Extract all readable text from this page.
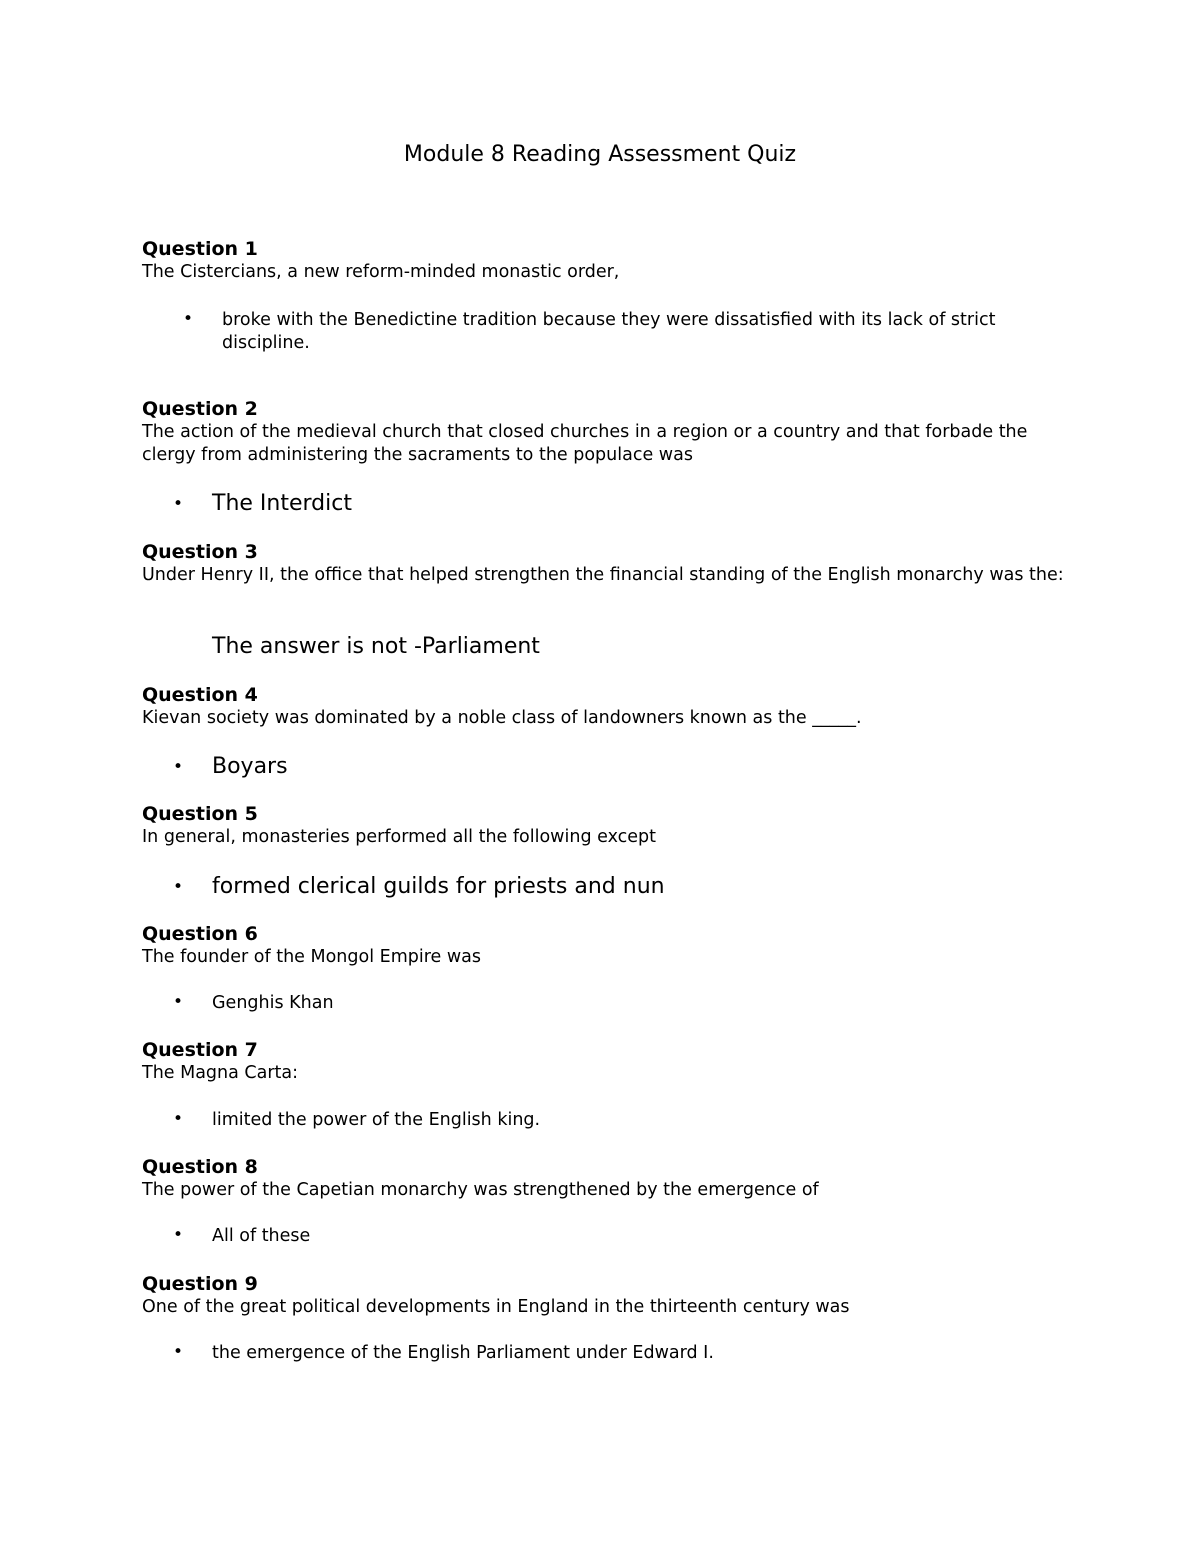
Module 8 Reading Assessment Quiz

Question 1

The Cistercians, a new reform-minded monastic order,

• broke with the Benedictine tradition because they were dissatisfied with its lack of strict discipline.

Question 2

The action of the medieval church that closed churches in a region or a country and that forbade the clergy from administering the sacraments to the populace was

• The Interdict

Question 3

Under Henry II, the office that helped strengthen the financial standing of the English monarchy was the:

The answer is not -Parliament

Question 4

Kievan society was dominated by a noble class of landowners known as the _____.

• Boyars

Question 5

In general, monasteries performed all the following except

• formed clerical guilds for priests and nun

Question 6

The founder of the Mongol Empire was

• Genghis Khan

Question 7

The Magna Carta:

• limited the power of the English king.

Question 8

The power of the Capetian monarchy was strengthened by the emergence of

• All of these

Question 9

One of the great political developments in England in the thirteenth century was

• the emergence of the English Parliament under Edward I.
